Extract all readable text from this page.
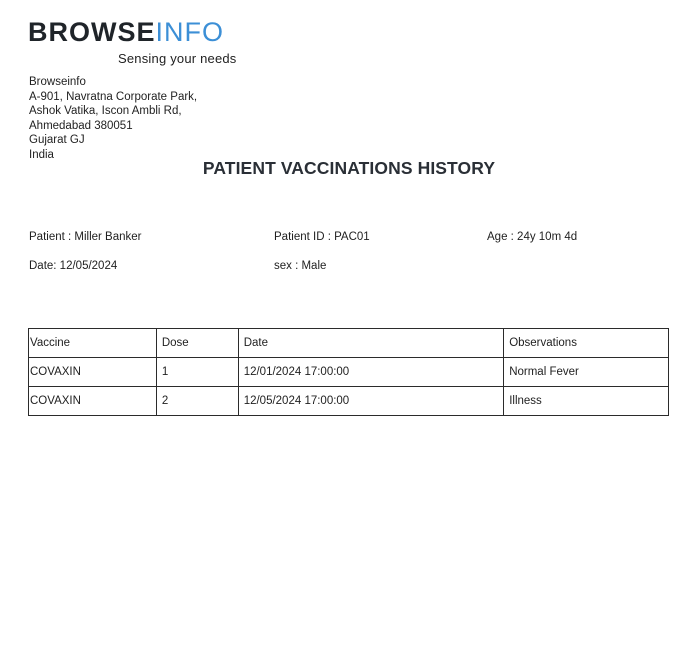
BROWSEINFO
Sensing your needs
Browseinfo
A-901, Navratna Corporate Park,
Ashok Vatika, Iscon Ambli Rd,
Ahmedabad 380051
Gujarat GJ
India
PATIENT VACCINATIONS HISTORY
Patient : Miller Banker	Patient ID : PAC01	Age : 24y 10m 4d
Date: 12/05/2024	sex : Male
Vaccine	Dose	Date	Observations
COVAXIN	1	12/01/2024 17:00:00	Normal Fever
COVAXIN	2	12/05/2024 17:00:00	Illness
